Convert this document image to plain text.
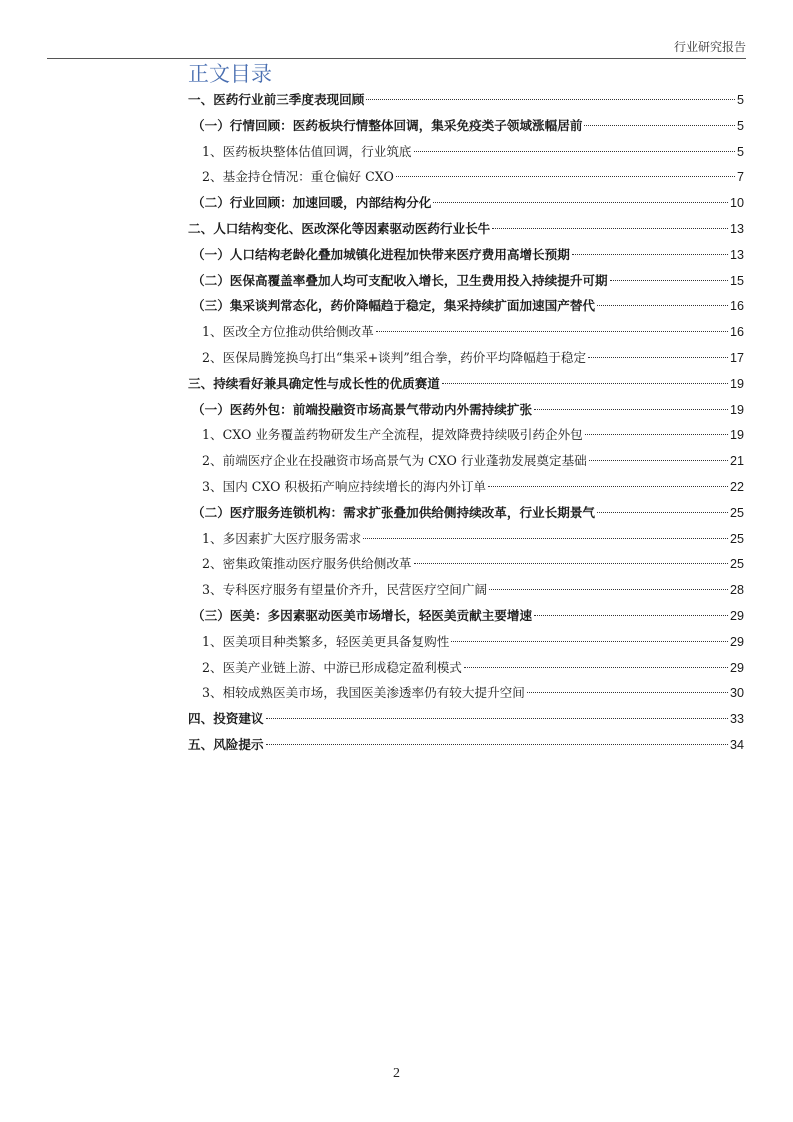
行业研究报告
正文目录
一、医药行业前三季度表现回顾	5
（一）行情回顾：医药板块行情整体回调，集采免疫类子领域涨幅居前	5
1、医药板块整体估值回调，行业筑底	5
2、基金持仓情况：重仓偏好 CXO	7
（二）行业回顾：加速回暖，内部结构分化	10
二、人口结构变化、医改深化等因素驱动医药行业长牛	13
（一）人口结构老龄化叠加城镇化进程加快带来医疗费用高增长预期	13
（二）医保高覆盖率叠加人均可支配收入增长，卫生费用投入持续提升可期	15
（三）集采谈判常态化，药价降幅趋于稳定，集采持续扩面加速国产替代	16
1、医改全方位推动供给侧改革	16
2、医保局腾笼换鸟打出“集采+谈判”组合拳，药价平均降幅趋于稳定	17
三、持续看好兼具确定性与成长性的优质赛道	19
（一）医药外包：前端投融资市场高景气带动内外需持续扩张	19
1、CXO 业务覆盖药物研发生产全流程，提效降费持续吸引药企外包	19
2、前端医疗企业在投融资市场高景气为 CXO 行业蓬勃发展奠定基础	21
3、国内 CXO 积极拓产响应持续增长的海内外订单	22
（二）医疗服务连锁机构：需求扩张叠加供给侧持续改革，行业长期景气	25
1、多因素扩大医疗服务需求	25
2、密集政策推动医疗服务供给侧改革	25
3、专科医疗服务有望量价齐升，民营医疗空间广阔	28
（三）医美：多因素驱动医美市场增长，轻医美贡献主要增速	29
1、医美项目种类繁多，轻医美更具备复购性	29
2、医美产业链上游、中游已形成稳定盈利模式	29
3、相较成熟医美市场，我国医美渗透率仍有较大提升空间	30
四、投资建议	33
五、风险提示	34
2
